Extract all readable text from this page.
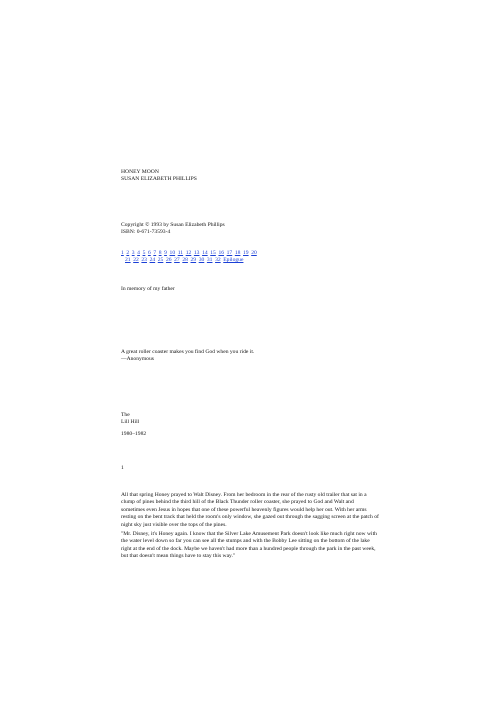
HONEY MOON
SUSAN ELIZABETH PHILLIPS
Copyright © 1993 by Susan Elizabeth Phillips
ISBN: 0-671-73593-4
1 2 3 4 5 6 7 8 9 10 11 12 13 14 15 16 17 18 19 20
21 22 23 24 25 26 27 28 29 30 31 32 Epilogue
In memory of my father
A great roller coaster makes you find God when you ride it.
—Anonymous
The
Lill Hill
1980–1982
1
All that spring Honey prayed to Walt Disney. From her bedroom in the rear of the rusty old trailer that sat in a clump of pines behind the third hill of the Black Thunder roller coaster, she prayed to God and Walt and sometimes even Jesus in hopes that one of these powerful heavenly figures would help her out. With her arms resting on the bent track that held the room's only window, she gazed out through the sagging screen at the patch of night sky just visible over the tops of the pines.
"Mr. Disney, it's Honey again. I know that the Silver Lake Amusement Park doesn't look like much right now with the water level down so far you can see all the stumps and with the Bobby Lee sitting on the bottom of the lake right at the end of the dock. Maybe we haven't had more than a hundred people through the park in the past week, but that doesn't mean things have to stay this way."
